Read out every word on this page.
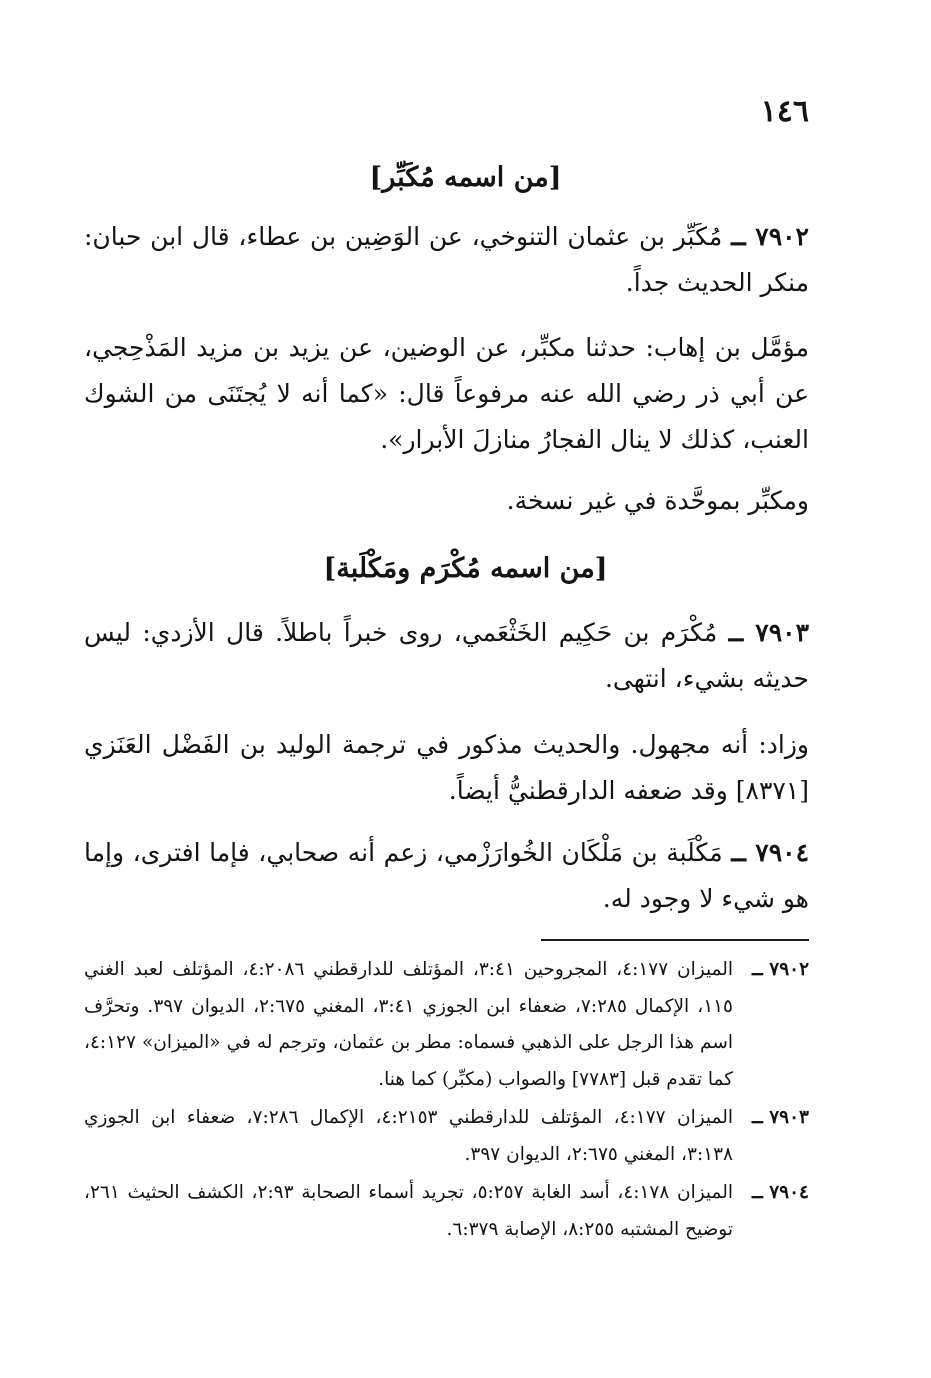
١٤٦
[من اسمه مُكَبِّر]

٧٩٠٢ ــ مُكَبِّر بن عثمان التنوخي، عن الوَضِين بن عطاء، قال ابن حبان: منكر الحديث جداً.

مؤمَّل بن إهاب: حدثنا مكبِّر، عن الوضين، عن يزيد بن مزيد المَذْحِجي، عن أبي ذر رضي الله عنه مرفوعاً قال: «كما أنه لا يُجتَنَى من الشوك العنب، كذلك لا ينال الفجارُ منازلَ الأبرار».

ومكبِّر بموحَّدة في غير نسخة.

[من اسمه مُكْرَم ومَكْلَبة]

٧٩٠٣ ــ مُكْرَم بن حَكِيم الخَثْعَمي، روى خبراً باطلاً. قال الأزدي: ليس حديثه بشيء، انتهى.

وزاد: أنه مجهول. والحديث مذكور في ترجمة الوليد بن الفَضْل العَنَزي [٨٣٧١] وقد ضعفه الدارقطنيُّ أيضاً.

٧٩٠٤ ــ مَكْلَبة بن مَلْكَان الخُوارَزْمي، زعم أنه صحابي، فإما افترى، وإما هو شيء لا وجود له.

٧٩٠٢ ــالميزان ٤:١٧٧، المجروحين ٣:٤١، المؤتلف للدارقطني ٤:٢٠٨٦، المؤتلف لعبد الغني ١١٥، الإكمال ٧:٢٨٥، ضعفاء ابن الجوزي ٣:٤١، المغني ٢:٦٧٥، الديوان ٣٩٧. وتحرَّف اسم هذا الرجل على الذهبي فسماه: مطر بن عثمان، وترجم له في «الميزان» ٤:١٢٧، كما تقدم قبل [٧٧٨٣] والصواب (مكبِّر) كما هنا.
٧٩٠٣ ــالميزان ٤:١٧٧، المؤتلف للدارقطني ٤:٢١٥٣، الإكمال ٧:٢٨٦، ضعفاء ابن الجوزي ٣:١٣٨، المغني ٢:٦٧٥، الديوان ٣٩٧.
٧٩٠٤ ــالميزان ٤:١٧٨، أسد الغابة ٥:٢٥٧، تجريد أسماء الصحابة ٢:٩٣، الكشف الحثيث ٢٦١، توضيح المشتبه ٨:٢٥٥، الإصابة ٦:٣٧٩.
